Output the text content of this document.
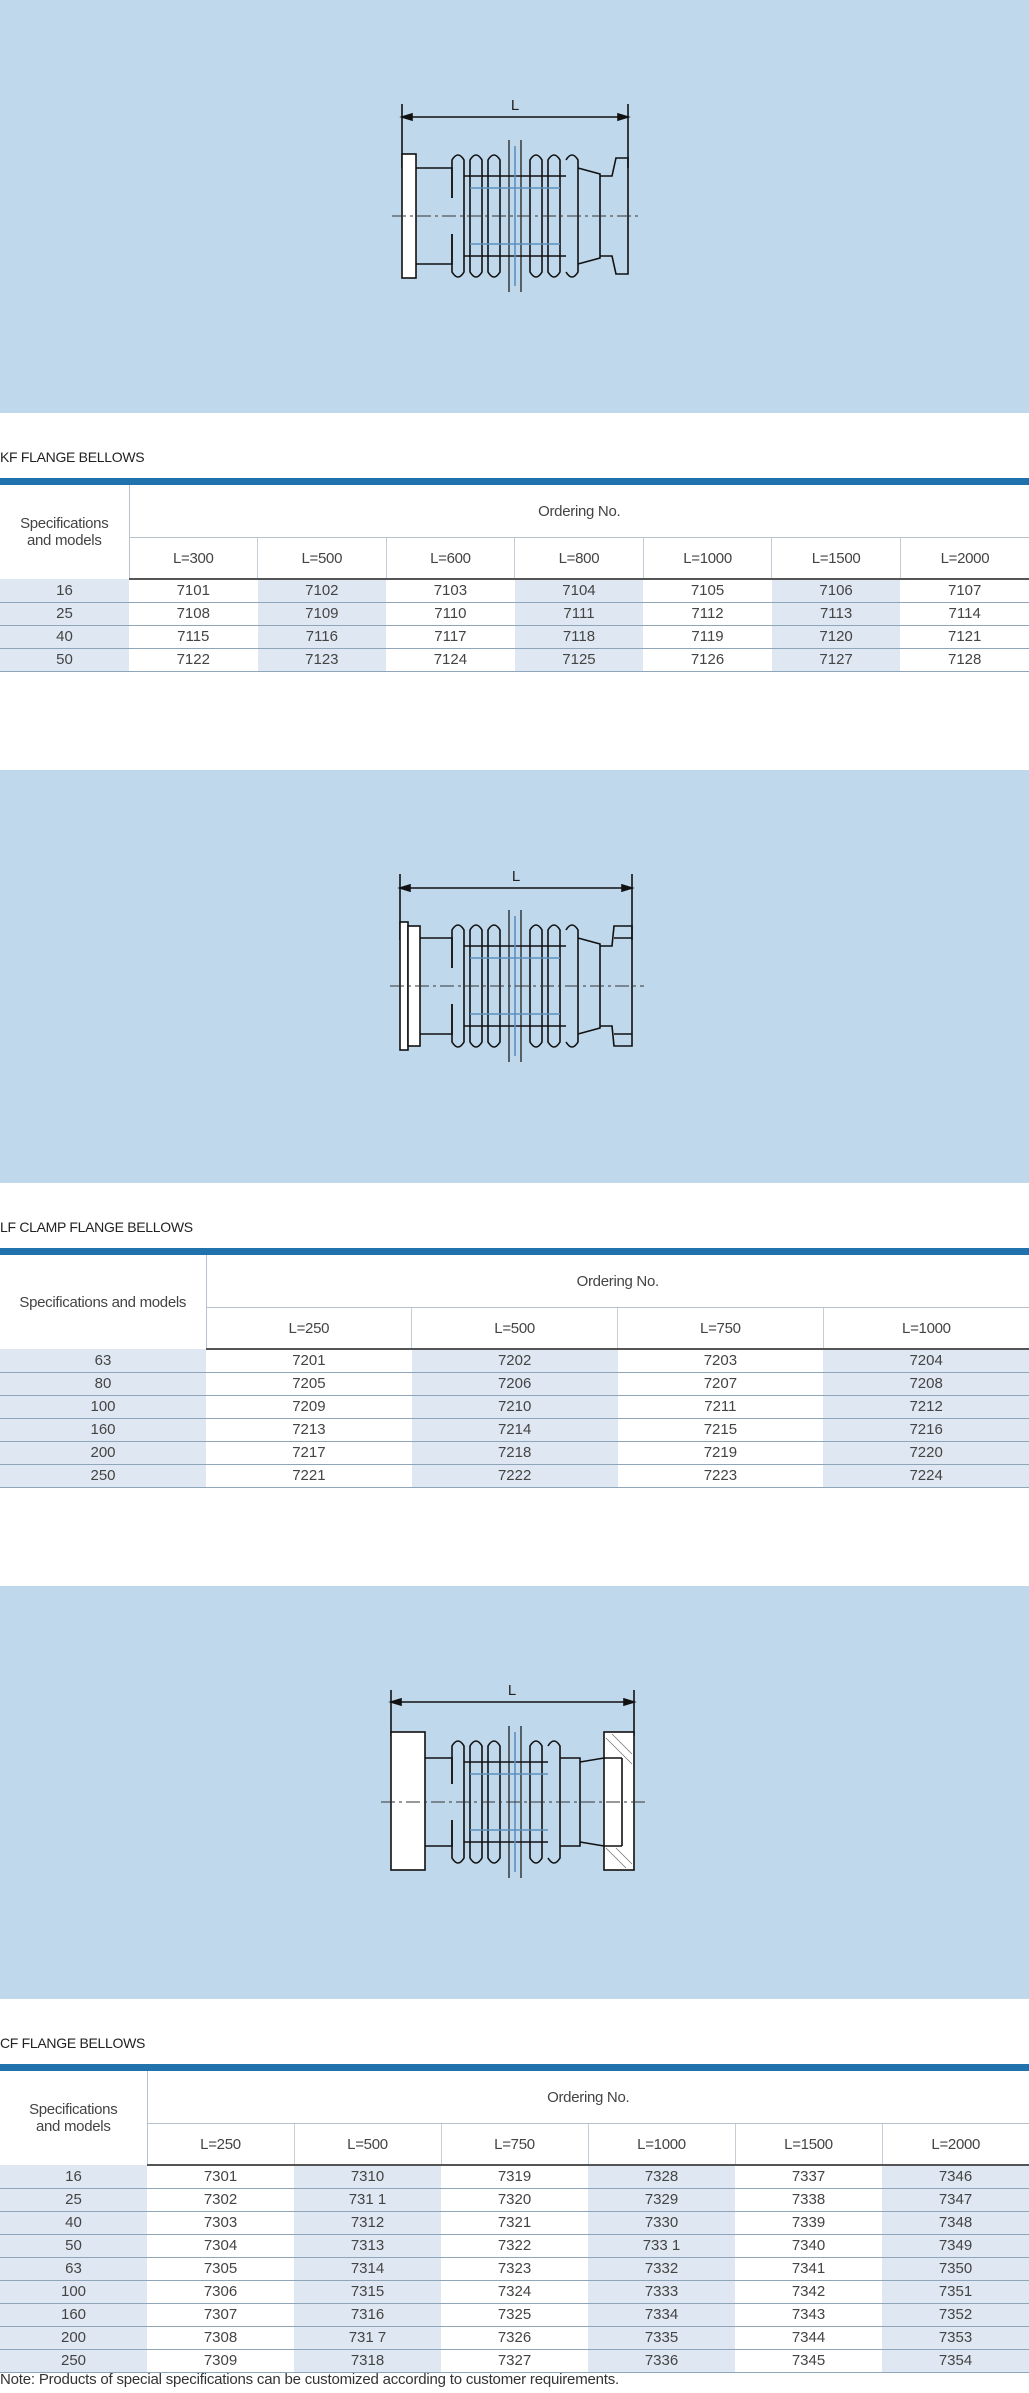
L
KF FLANGE BELLOWS
Specifications and models	Ordering No.						
	L=300	L=500	L=600	L=800	L=1000	L=1500	L=2000
16	7101	7102	7103	7104	7105	7106	7107
25	7108	7109	7110	7111	7112	7113	7114
40	7115	7116	7117	7118	7119	7120	7121
50	7122	7123	7124	7125	7126	7127	7128
L
LF CLAMP FLANGE BELLOWS
Specifications and models	Ordering No.			
	L=250	L=500	L=750	L=1000
63	7201	7202	7203	7204
80	7205	7206	7207	7208
100	7209	7210	7211	7212
160	7213	7214	7215	7216
200	7217	7218	7219	7220
250	7221	7222	7223	7224
L
CF FLANGE BELLOWS
Specifications and models	Ordering No.					
	L=250	L=500	L=750	L=1000	L=1500	L=2000
16	7301	7310	7319	7328	7337	7346
25	7302	731 1	7320	7329	7338	7347
40	7303	7312	7321	7330	7339	7348
50	7304	7313	7322	733 1	7340	7349
63	7305	7314	7323	7332	7341	7350
100	7306	7315	7324	7333	7342	7351
160	7307	7316	7325	7334	7343	7352
200	7308	731 7	7326	7335	7344	7353
250	7309	7318	7327	7336	7345	7354
Note: Products of special specifications can be customized according to customer requirements.
